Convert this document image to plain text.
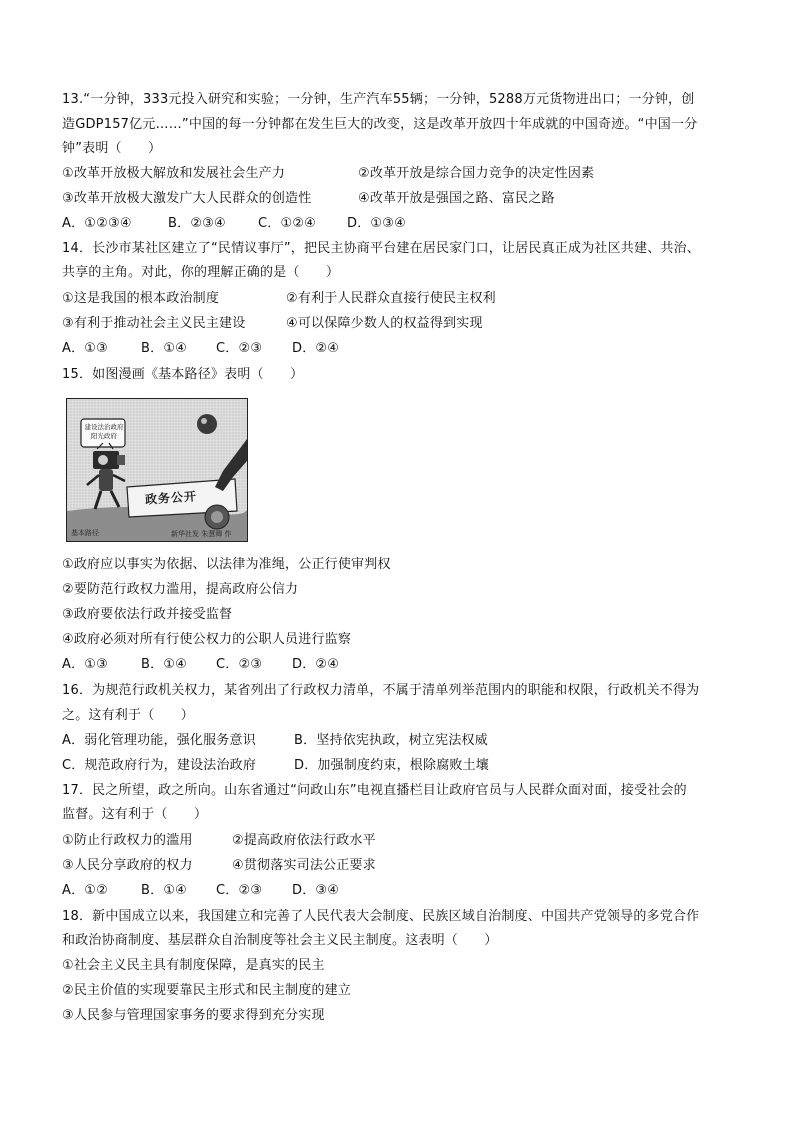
13.“一分钟，333元投入研究和实验；一分钟，生产汽车55辆；一分钟，5288万元货物进出口；一分钟，创
造GDP157亿元……”中国的每一分钟都在发生巨大的改变，这是改革开放四十年成就的中国奇迹。“中国一分
钟”表明（　　）
①改革开放极大解放和发展社会生产力	②改革开放是综合国力竞争的决定性因素
③改革开放极大激发广大人民群众的创造性	④改革开放是强国之路、富民之路
A．①②③④	B．②③④ C．①②④ D．①③④
14．长沙市某社区建立了“民情议事厅”，把民主协商平台建在居民家门口，让居民真正成为社区共建、共治、
共享的主角。对此，你的理解正确的是（　　）
①这是我国的根本政治制度	②有利于人民群众直接行使民主权利
③有利于推动社会主义民主建设	④可以保障少数人的权益得到实现
A．①③	B．①④ C．②③ D．②④
15．如图漫画《基本路径》表明（　　）
建设法治政府阳光政府
政务公开
基本路径	新华社发 朱慧卿 作
①政府应以事实为依据、以法律为准绳，公正行使审判权
②要防范行政权力滥用，提高政府公信力
③政府要依法行政并接受监督
④政府必须对所有行使公权力的公职人员进行监察
A．①③	B．①④ C．②③ D．②④
16．为规范行政机关权力，某省列出了行政权力清单，不属于清单列举范围内的职能和权限，行政机关不得为
之。这有利于（　　）
A．弱化管理功能，强化服务意识	B．坚持依宪执政，树立宪法权威
C．规范政府行为，建设法治政府	D．加强制度约束，根除腐败土壤
17．民之所望，政之所向。山东省通过“问政山东”电视直播栏目让政府官员与人民群众面对面，接受社会的
监督。这有利于（　　）
①防止行政权力的滥用	②提高政府依法行政水平
③人民分享政府的权力	④贯彻落实司法公正要求
A．①②	B．①④ C．②③ D．③④
18．新中国成立以来，我国建立和完善了人民代表大会制度、民族区域自治制度、中国共产党领导的多党合作
和政治协商制度、基层群众自治制度等社会主义民主制度。这表明（　　）
①社会主义民主具有制度保障，是真实的民主
②民主价值的实现要靠民主形式和民主制度的建立
③人民参与管理国家事务的要求得到充分实现
